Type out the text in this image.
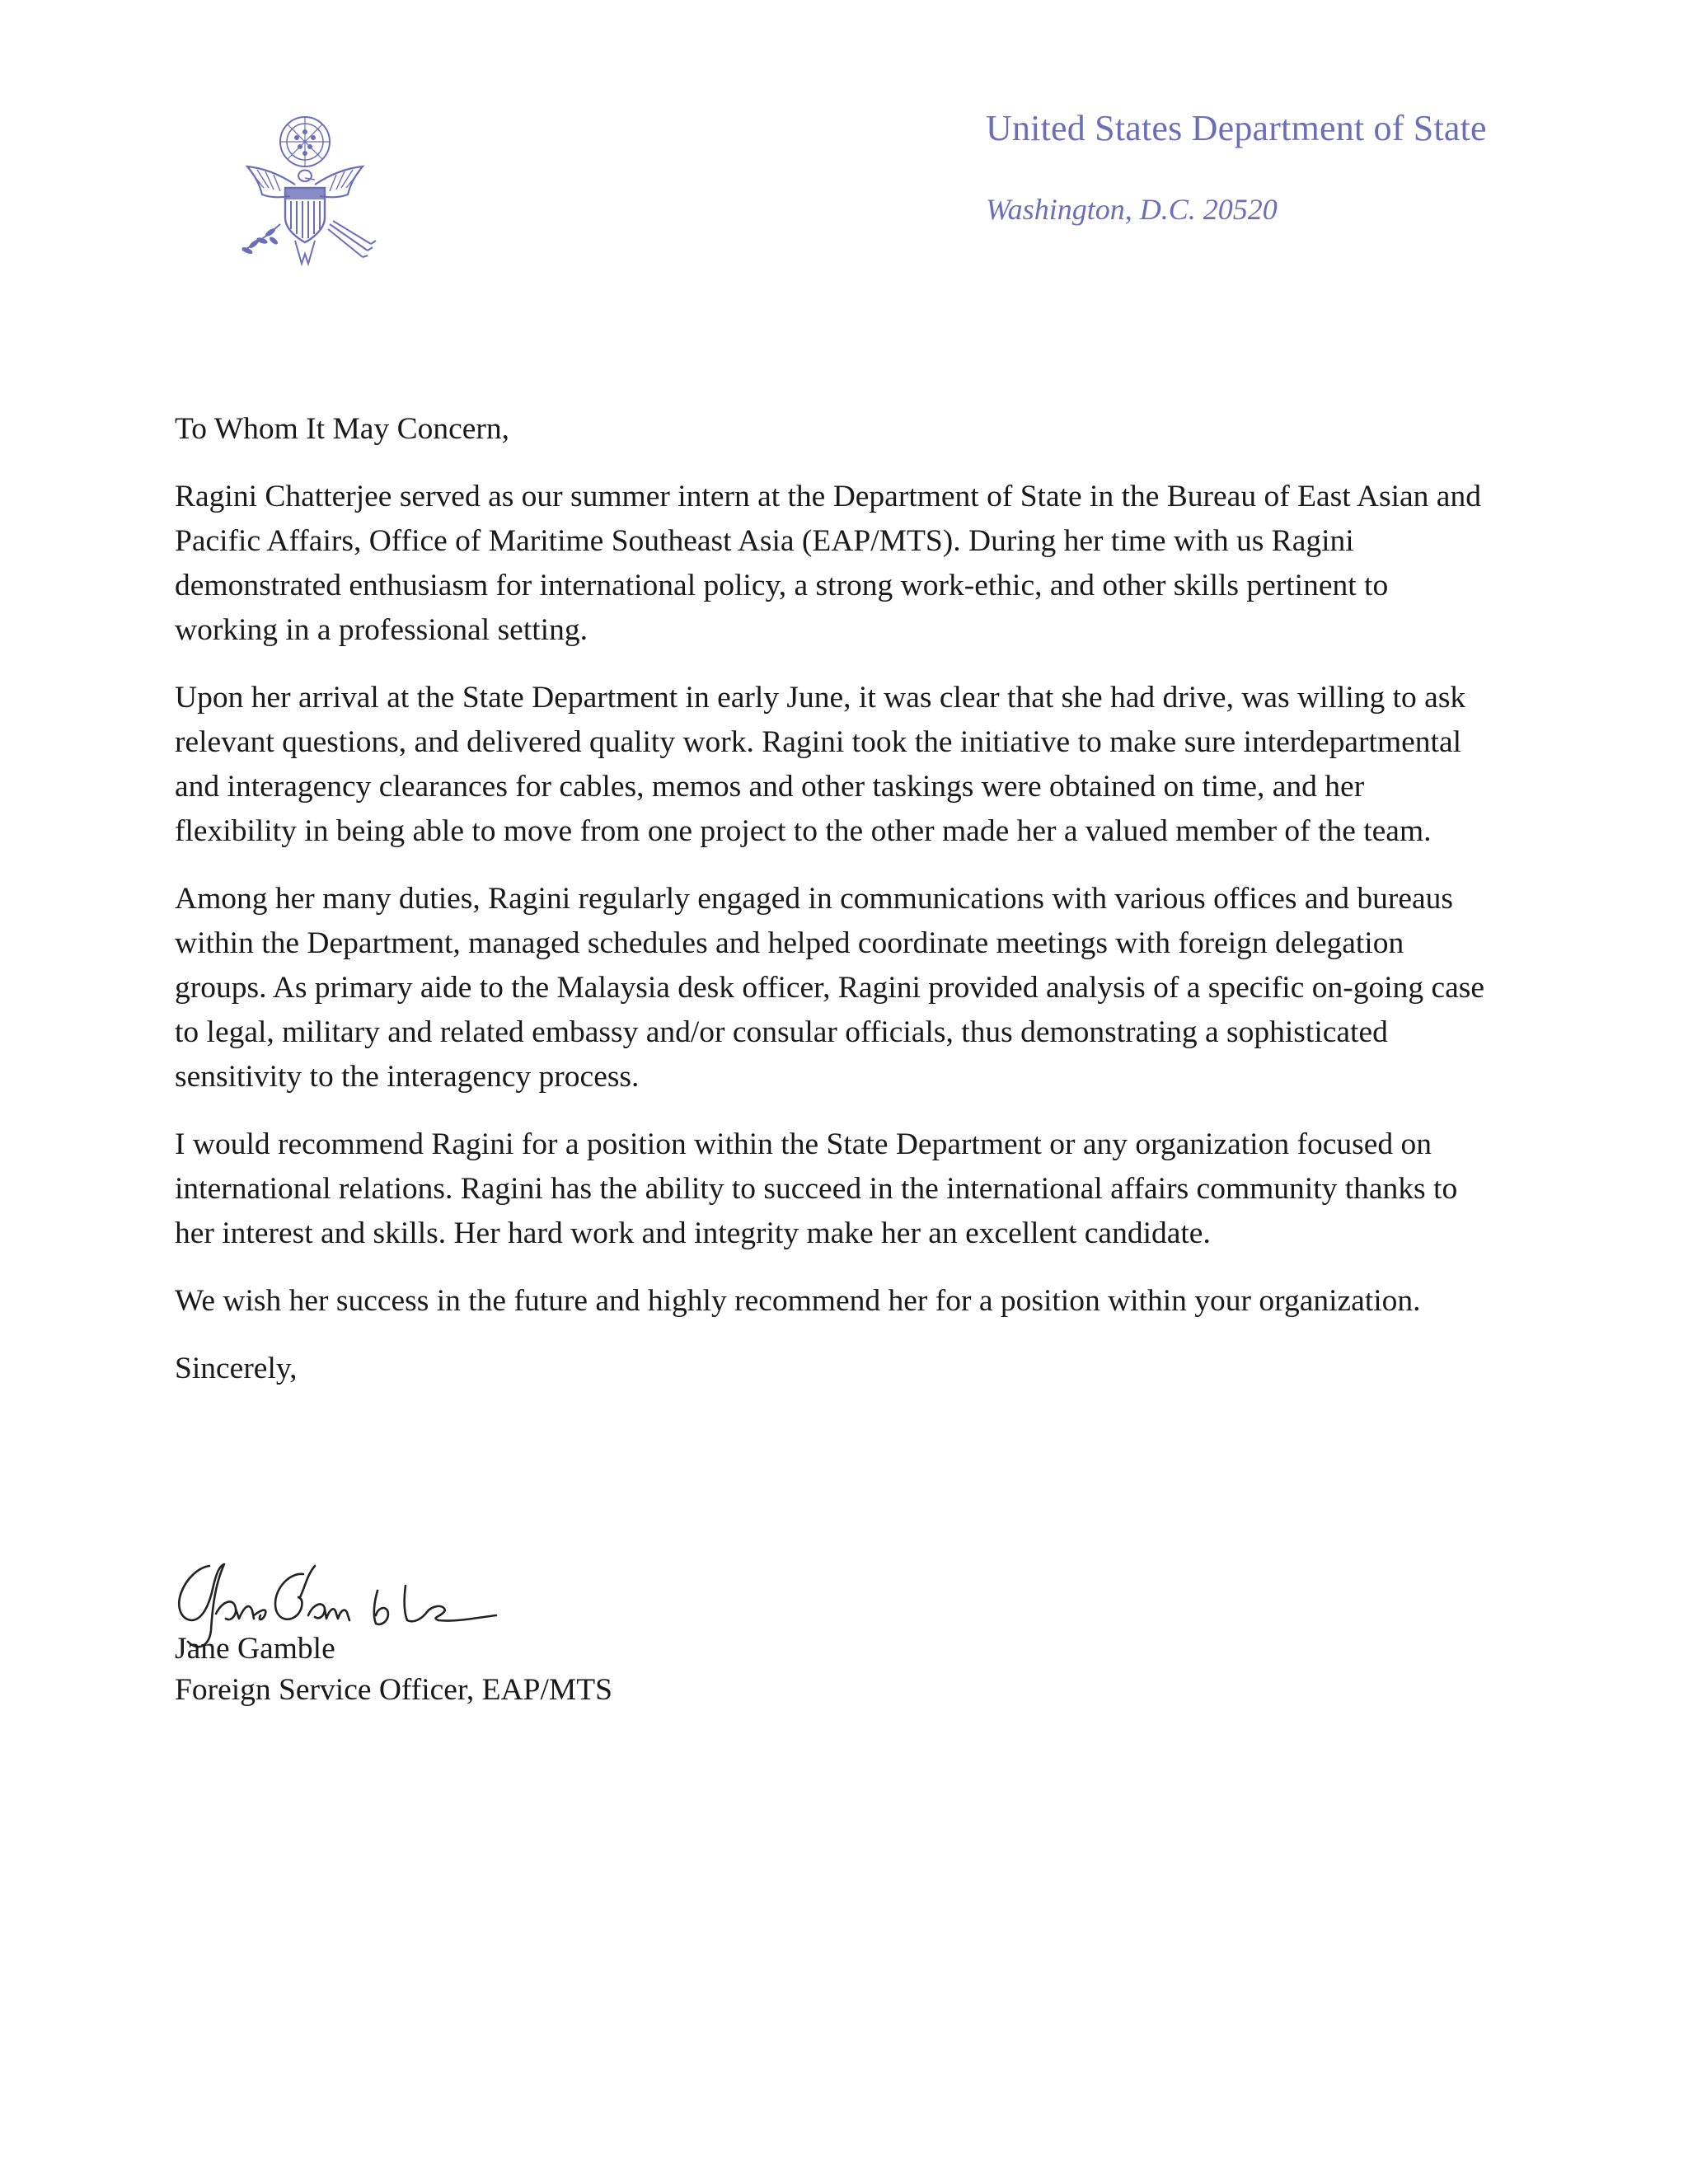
United States Department of State
Washington, D.C. 20520

To Whom It May Concern,

Ragini Chatterjee served as our summer intern at the Department of State in the Bureau of East Asian and Pacific Affairs, Office of Maritime Southeast Asia (EAP/MTS). During her time with us Ragini demonstrated enthusiasm for international policy, a strong work-ethic, and other skills pertinent to working in a professional setting.

Upon her arrival at the State Department in early June, it was clear that she had drive, was willing to ask relevant questions, and delivered quality work. Ragini took the initiative to make sure interdepartmental and interagency clearances for cables, memos and other taskings were obtained on time, and her flexibility in being able to move from one project to the other made her a valued member of the team.

Among her many duties, Ragini regularly engaged in communications with various offices and bureaus within the Department, managed schedules and helped coordinate meetings with foreign delegation groups. As primary aide to the Malaysia desk officer, Ragini provided analysis of a specific on-going case to legal, military and related embassy and/or consular officials, thus demonstrating a sophisticated sensitivity to the interagency process.

I would recommend Ragini for a position within the State Department or any organization focused on international relations. Ragini has the ability to succeed in the international affairs community thanks to her interest and skills. Her hard work and integrity make her an excellent candidate.

We wish her success in the future and highly recommend her for a position within your organization.

Sincerely,

Jane Gamble
Foreign Service Officer, EAP/MTS
